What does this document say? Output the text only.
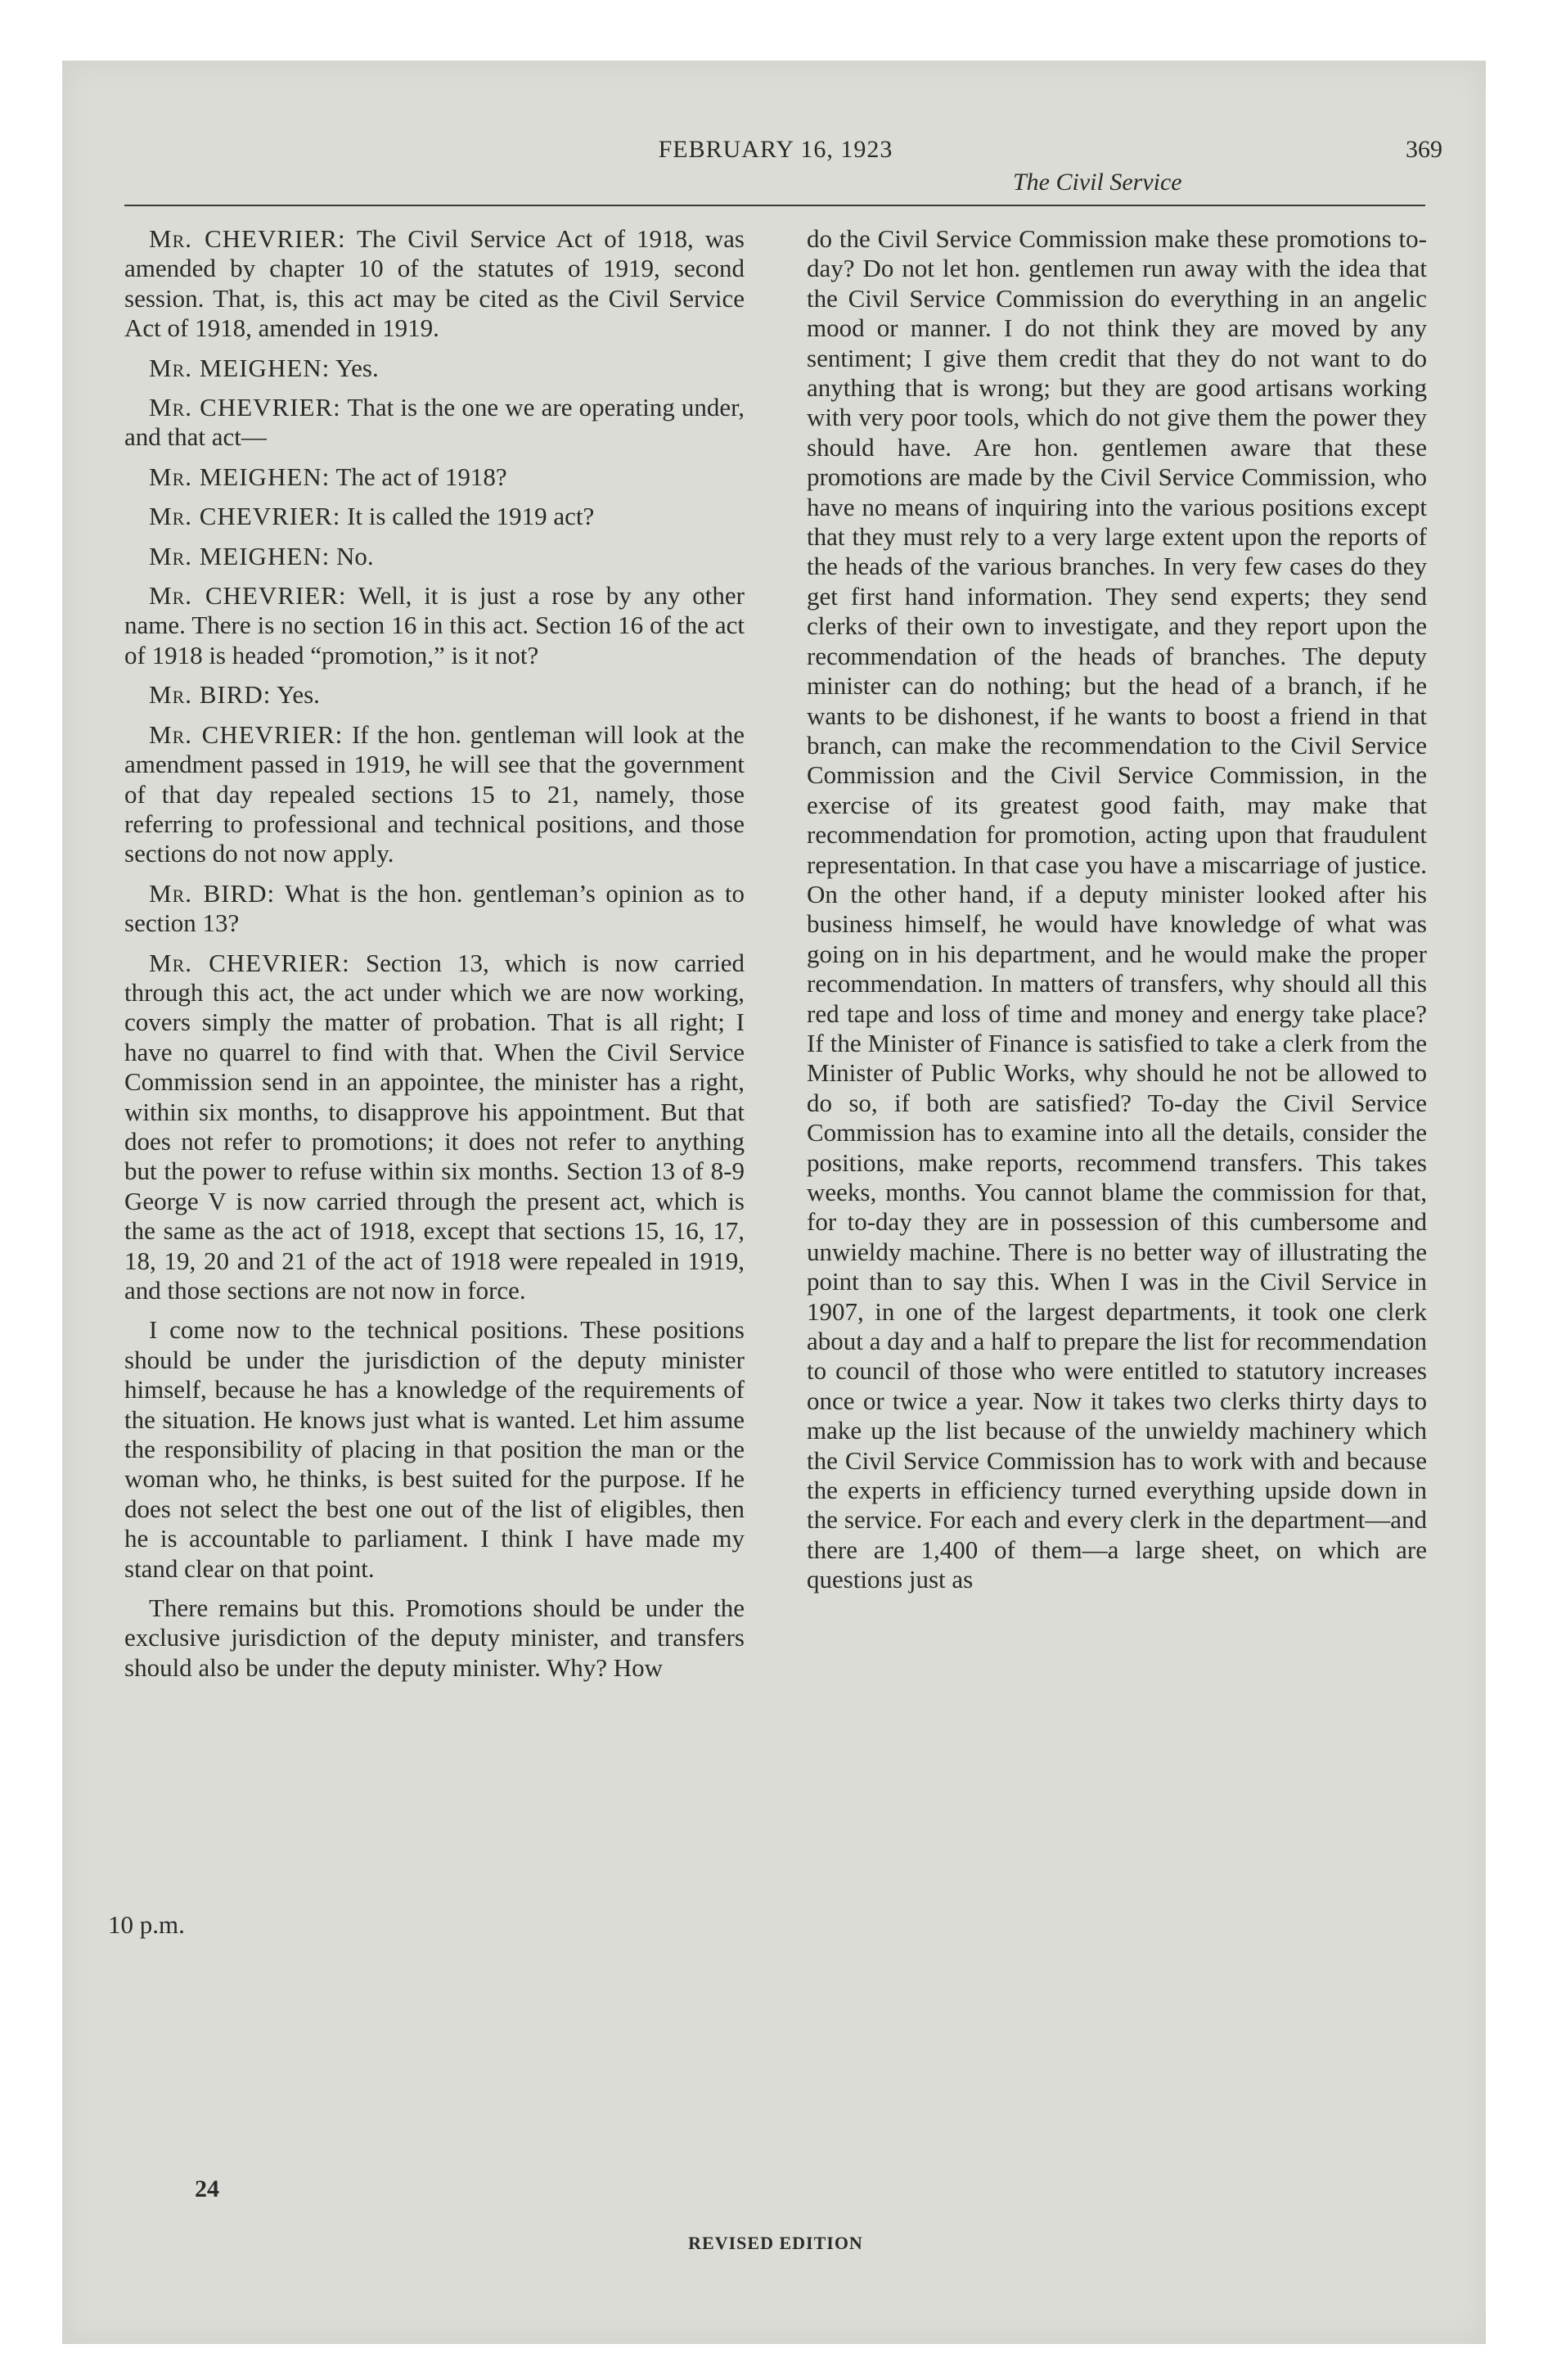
FEBRUARY 16, 1923
The Civil Service
369

Mr. CHEVRIER: The Civil Service Act of 1918, was amended by chapter 10 of the statutes of 1919, second session. That, is, this act may be cited as the Civil Service Act of 1918, amended in 1919.

Mr. MEIGHEN: Yes.

Mr. CHEVRIER: That is the one we are operating under, and that act—

Mr. MEIGHEN: The act of 1918?

Mr. CHEVRIER: It is called the 1919 act?

Mr. MEIGHEN: No.

Mr. CHEVRIER: Well, it is just a rose by any other name. There is no section 16 in this act. Section 16 of the act of 1918 is headed “promotion,” is it not?

Mr. BIRD: Yes.

Mr. CHEVRIER: If the hon. gentleman will look at the amendment passed in 1919, he will see that the government of that day repealed sections 15 to 21, namely, those referring to professional and technical positions, and those sections do not now apply.

Mr. BIRD: What is the hon. gentleman’s opinion as to section 13?

Mr. CHEVRIER: Section 13, which is now carried through this act, the act under which we are now working, covers simply the matter of probation. That is all right; I have no quarrel to find with that. When the Civil Service Commission send in an appointee, the minister has a right, within six months, to disapprove his appointment. But that does not refer to promotions; it does not refer to anything but the power to refuse within six months. Section 13 of 8-9 George V is now carried through the present act, which is the same as the act of 1918, except that sections 15, 16, 17, 18, 19, 20 and 21 of the act of 1918 were repealed in 1919, and those sections are not now in force.

I come now to the technical positions. These positions should be under the jurisdiction of the deputy minister himself, because he has a knowledge of the requirements of the situation. He knows just what is wanted. Let him assume the responsibility of placing in that position the man or the woman who, he thinks, is best suited for the purpose. If he does not select the best one out of the list of eligibles, then he is accountable to parliament. I think I have made my stand clear on that point.

There remains but this. Promotions should be under the exclusive jurisdiction of the deputy minister, and transfers should also be under the deputy minister. Why? How

do the Civil Service Commission make these promotions to-day? Do not let hon. gentlemen run away with the idea that the Civil Service Commission do everything in an angelic mood or manner. I do not think they are moved by any sentiment; I give them credit that they do not want to do anything that is wrong; but they are good artisans working with very poor tools, which do not give them the power they should have. Are hon. gentlemen aware that these promotions are made by the Civil Service Commission, who have no means of inquiring into the various positions except that they must rely to a very large extent upon the reports of the heads of the various branches. In very few cases do they get first hand information. They send experts; they send clerks of their own to investigate, and they report upon the recommendation of the heads of branches. The deputy minister can do nothing; but the head of a branch, if he wants to be dishonest, if he wants to boost a friend in that branch, can make the recommendation to the Civil Service Commission and the Civil Service Commission, in the exercise of its greatest good faith, may make that recommendation for promotion, acting upon that fraudulent representation. In that case you have a miscarriage of justice. On the other hand, if a deputy minister looked after his business himself, he would have knowledge of what was going on in his department, and he would make the proper recommendation. In matters of transfers, why should all this red tape and loss of time and money and energy take place? If the Minister of Finance is satisfied to take a clerk from the Minister of Public Works, why should he not be allowed to do so, if both are satisfied? To-day the Civil Service Commission has to examine into all the details, consider the positions, make reports, recommend transfers. This takes weeks, months. You cannot blame the commission for that, for to-day they are in possession of this cumbersome and unwieldy machine. There is no better way of illustrating the point than to say this. When I was in the Civil Service in 1907, in one of the largest departments, it took one clerk about a day and a half to prepare the list for recommendation to council of those who were entitled to statutory increases once or twice a year. Now it takes two clerks thirty days to make up the list because of the unwieldy machinery which the Civil Service Commission has to work with and because the experts in efficiency turned everything upside down in the service. For each and every clerk in the department—and there are 1,400 of them—a large sheet, on which are questions just as

24
REVISED EDITION
10 p.m.
